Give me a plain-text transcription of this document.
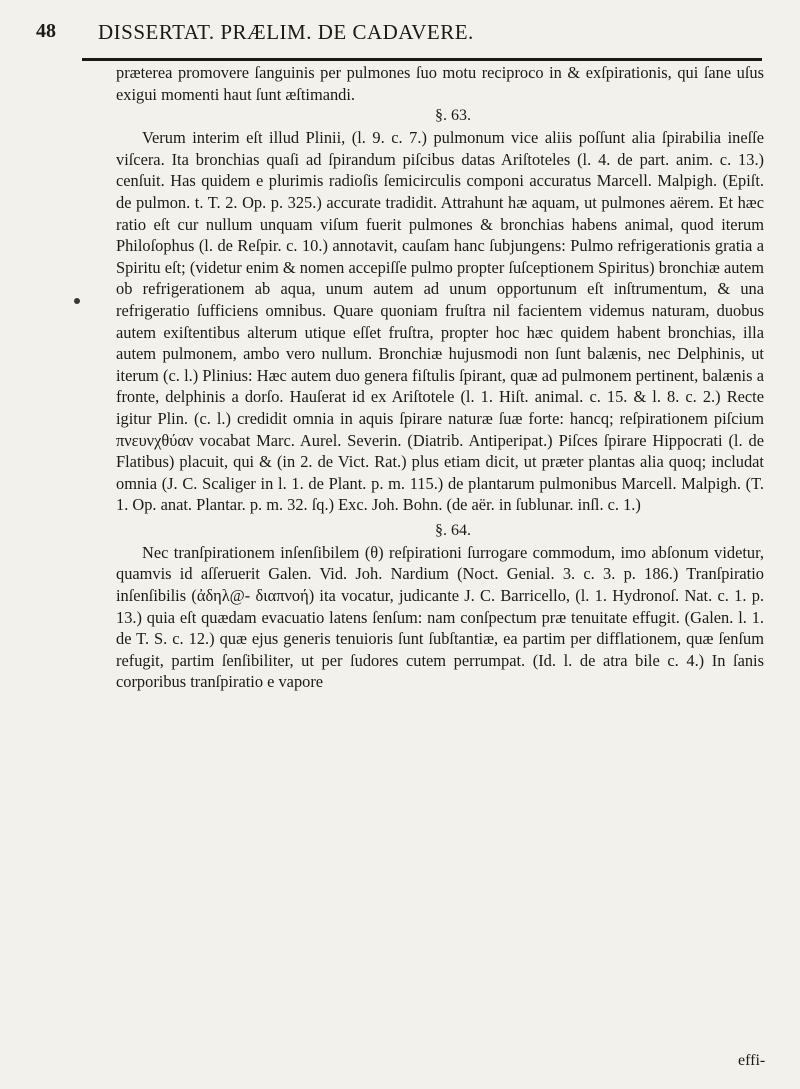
48 DISSERTAT. PRÆLIM. DE CADAVERE.

præterea promovere ſanguinis per pulmones ſuo motu reciproco in & exſpirationis, qui ſane uſus exigui momenti haut ſunt æſtimandi.

§. 63.

Verum interim eſt illud Plinii, (l. 9. c. 7.) pulmonum vice aliis poſſunt alia ſpirabilia ineſſe viſcera. Ita bronchias quaſi ad ſpirandum piſcibus datas Ariſtoteles (l. 4. de part. anim. c. 13.) cenſuit. Has quidem e plurimis radioſis ſemicirculis componi accuratus Marcell. Malpigh. (Epiſt. de pulmon. t. T. 2. Op. p. 325.) accurate tradidit. Attrahunt hæ aquam, ut pulmones aërem. Et hæc ratio eſt cur nullum unquam viſum fuerit pulmones & bronchias habens animal, quod iterum Philoſophus (l. de Reſpir. c. 10.) annotavit, cauſam hanc ſubjungens: Pulmo refrigerationis gratia a Spiritu eſt; (videtur enim & nomen accepiſſe pulmo propter ſuſceptionem Spiritus) bronchiæ autem ob refrigerationem ab aqua, unum autem ad unum opportunum eſt inſtrumentum, & una refrigeratio ſufficiens omnibus. Quare quoniam fruſtra nil facientem videmus naturam, duobus autem exiſtentibus alterum utique eſſet fruſtra, propter hoc hæc quidem habent bronchias, illa autem pulmonem, ambo vero nullum. Bronchiæ hujusmodi non ſunt balænis, nec Delphinis, ut iterum (c. l.) Plinius: Hæc autem duo genera fiſtulis ſpirant, quæ ad pulmonem pertinent, balænis a fronte, delphinis a dorſo. Hauſerat id ex Ariſtotele (l. 1. Hiſt. animal. c. 15. & l. 8. c. 2.) Recte igitur Plin. (c. l.) credidit omnia in aquis ſpirare naturæ ſuæ forte: hancq; reſpirationem piſcium πνευνχθύαν vocabat Marc. Aurel. Severin. (Diatrib. Antiperipat.) Piſces ſpirare Hippocrati (l. de Flatibus) placuit, qui & (in 2. de Vict. Rat.) plus etiam dicit, ut præter plantas alia quoq; includat omnia (J. C. Scaliger in l. 1. de Plant. p. m. 115.) de plantarum pulmonibus Marcell. Malpigh. (T. 1. Op. anat. Plantar. p. m. 32. ſq.) Exc. Joh. Bohn. (de aër. in ſublunar. inſl. c. 1.)

§. 64.

Nec tranſpirationem inſenſibilem (θ) reſpirationi ſurrogare commodum, imo abſonum videtur, quamvis id aſſeruerit Galen. Vid. Joh. Nardium (Noct. Genial. 3. c. 3. p. 186.) Tranſpiratio inſenſibilis (ἀδηλ@- διαπνοή) ita vocatur, judicante J. C. Barricello, (l. 1. Hydronoſ. Nat. c. 1. p. 13.) quia eſt quædam evacuatio latens ſenſum: nam conſpectum præ tenuitate effugit. (Galen. l. 1. de T. S. c. 12.) quæ ejus generis tenuioris ſunt ſubſtantiæ, ea partim per difflationem, quæ ſenſum refugit, partim ſenſibiliter, ut per ſudores cutem perrumpat. (Id. l. de atra bile c. 4.) In ſanis corporibus tranſpiratio e vapore

effi-
